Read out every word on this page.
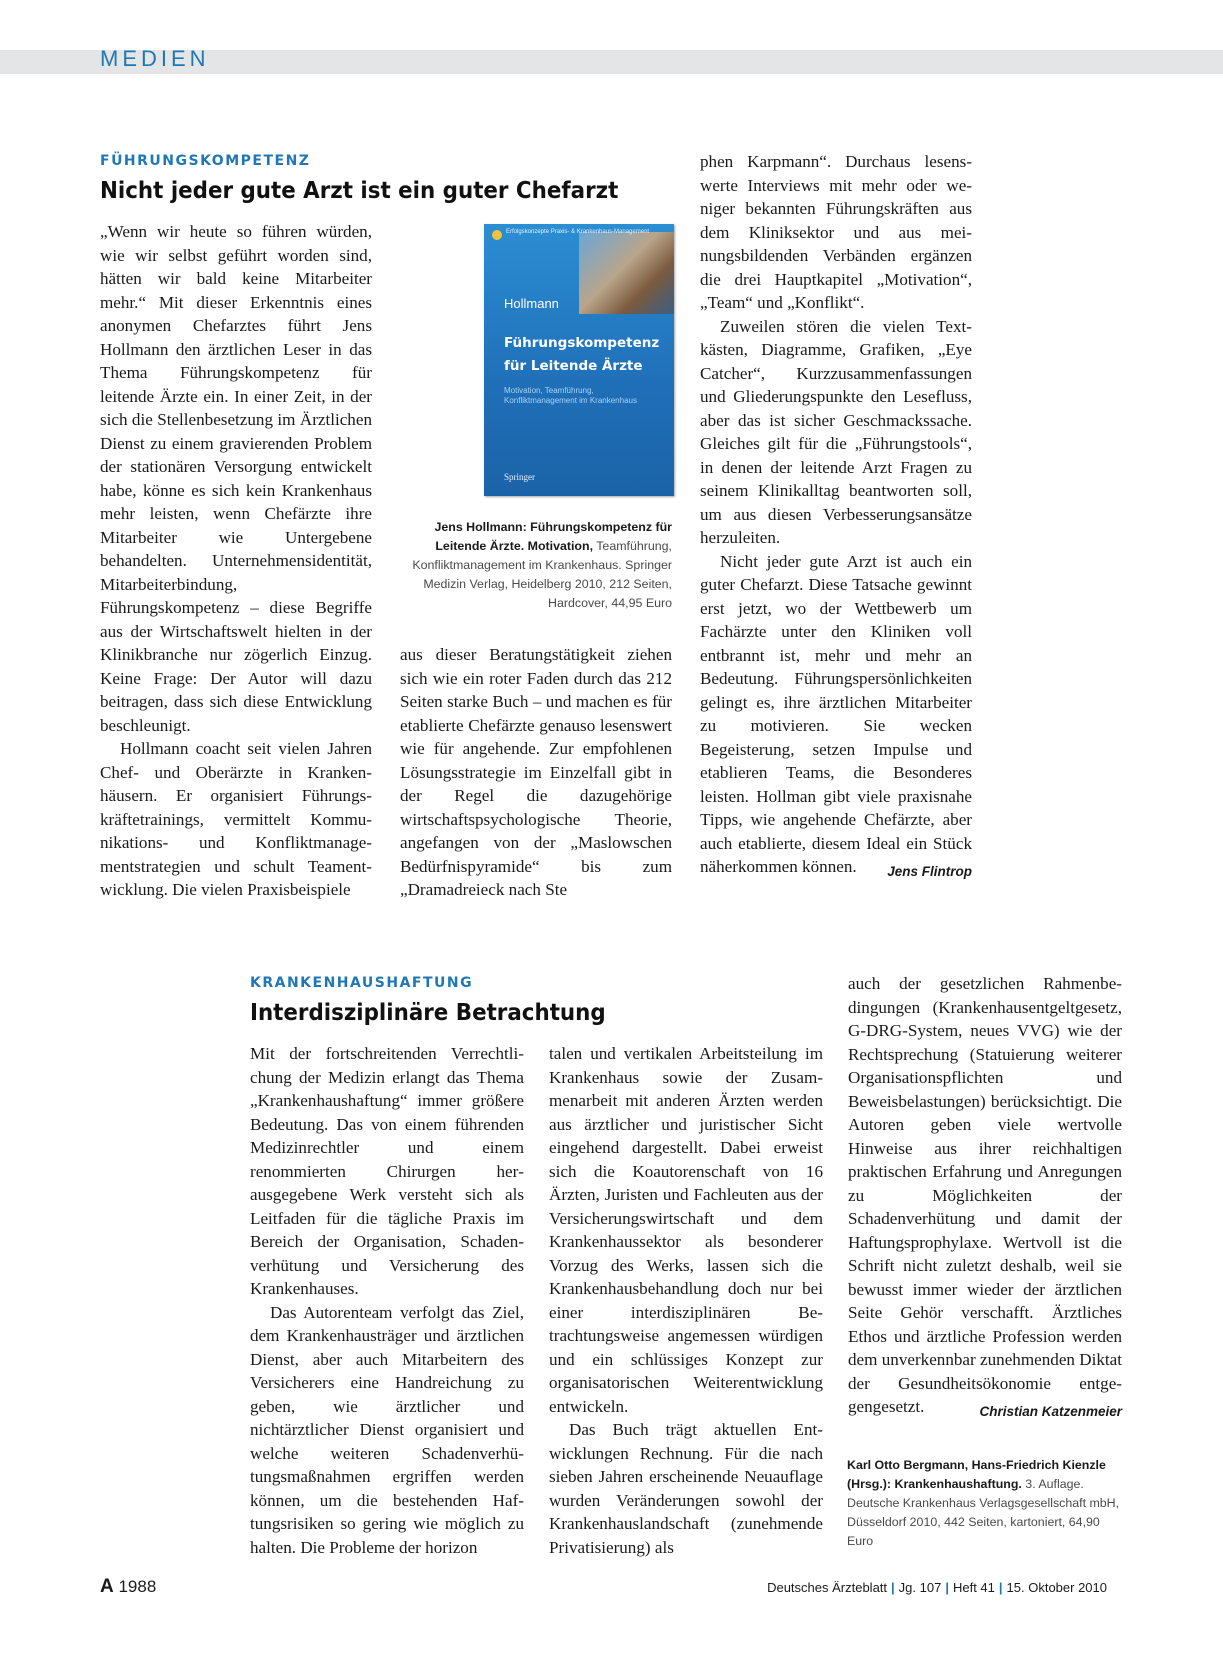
MEDIEN
FÜHRUNGSKOMPETENZ
Nicht jeder gute Arzt ist ein guter Chefarzt

„Wenn wir heute so führen würden, wie wir selbst geführt worden sind, hätten wir bald keine Mitarbeiter mehr.“ Mit dieser Erkenntnis eines anonymen Chefarztes führt Jens Hollmann den ärztlichen Leser in das Thema Führungskompetenz für leitende Ärzte ein. In einer Zeit, in der sich die Stellenbesetzung im Ärztlichen Dienst zu einem gravierenden Problem der stationären Versorgung entwickelt habe, könne es sich kein Krankenhaus mehr leisten, wenn Chefärzte ihre Mitarbeiter wie Untergebene behandelten. Unternehmensidentität, Mitarbeiterbindung, Führungskompetenz – diese Begriffe aus der Wirtschaftswelt hielten in der Klinikbranche nur zögerlich Einzug. Keine Frage: Der Autor will dazu beitragen, dass sich diese Entwicklung beschleunigt.

Hollmann coacht seit vielen Jahren Chef- und Oberärzte in Krankenhäusern. Er organisiert Führungskräftetrainings, vermittelt Kommunikations- und Konfliktmanagementstrategien und schult Teamentwicklung. Die vielen Praxisbeispiele

Erfolgskonzepte Praxis- & Krankenhaus-Management
Hollmann
Führungskompetenz für Leitende Ärzte
Motivation, Teamführung, Konfliktmanagement im Krankenhaus
Springer
Jens Hollmann: Führungskompetenz für Leitende Ärzte. Motivation, Teamführung, Konfliktmanagement im Krankenhaus. Springer Medizin Verlag, Heidelberg 2010, 212 Seiten, Hardcover, 44,95 Euro

aus dieser Beratungstätigkeit ziehen sich wie ein roter Faden durch das 212 Seiten starke Buch – und machen es für etablierte Chefärzte genauso lesenswert wie für angehende. Zur empfohlenen Lösungsstrategie im Einzelfall gibt in der Regel die dazugehörige wirtschaftspsychologische Theorie, angefangen von der „Maslowschen Bedürfnispyramide“ bis zum „Dramadreieck nach Ste

phen Karpmann“. Durchaus lesenswerte Interviews mit mehr oder weniger bekannten Führungskräften aus dem Kliniksektor und aus meinungsbildenden Verbänden ergänzen die drei Hauptkapitel „Motivation“, „Team“ und „Konflikt“.

Zuweilen stören die vielen Textkästen, Diagramme, Grafiken, „Eye Catcher“, Kurzzusammenfassungen und Gliederungspunkte den Lesefluss, aber das ist sicher Geschmackssache. Gleiches gilt für die „Führungstools“, in denen der leitende Arzt Fragen zu seinem Klinikalltag beantworten soll, um aus diesen Verbesserungsansätze herzuleiten.

Nicht jeder gute Arzt ist auch ein guter Chefarzt. Diese Tatsache gewinnt erst jetzt, wo der Wettbewerb um Fachärzte unter den Kliniken voll entbrannt ist, mehr und mehr an Bedeutung. Führungspersönlichkeiten gelingt es, ihre ärztlichen Mitarbeiter zu motivieren. Sie wecken Begeisterung, setzen Impulse und etablieren Teams, die Besonderes leisten. Hollman gibt viele praxisnahe Tipps, wie angehende Chefärzte, aber auch etablierte, diesem Ideal ein Stück näherkommen können.	Jens Flintrop

KRANKENHAUSHAFTUNG
Interdisziplinäre Betrachtung

Mit der fortschreitenden Verrechtlichung der Medizin erlangt das Thema „Krankenhaushaftung“ immer größere Bedeutung. Das von einem führenden Medizinrechtler und einem renommierten Chirurgen herausgegebene Werk versteht sich als Leitfaden für die tägliche Praxis im Bereich der Organisation, Schadenverhütung und Versicherung des Krankenhauses.

Das Autorenteam verfolgt das Ziel, dem Krankenhausträger und ärztlichen Dienst, aber auch Mitarbeitern des Versicherers eine Handreichung zu geben, wie ärztlicher und nichtärztlicher Dienst organisiert und welche weiteren Schadenverhütungsmaßnahmen ergriffen werden können, um die bestehenden Haftungsrisiken so gering wie möglich zu halten. Die Probleme der horizon

talen und vertikalen Arbeitsteilung im Krankenhaus sowie der Zusammenarbeit mit anderen Ärzten werden aus ärztlicher und juristischer Sicht eingehend dargestellt. Dabei erweist sich die Koautorenschaft von 16 Ärzten, Juristen und Fachleuten aus der Versicherungswirtschaft und dem Krankenhaussektor als besonderer Vorzug des Werks, lassen sich die Krankenhausbehandlung doch nur bei einer interdisziplinären Betrachtungsweise angemessen würdigen und ein schlüssiges Konzept zur organisatorischen Weiterentwicklung entwickeln.

Das Buch trägt aktuellen Entwicklungen Rechnung. Für die nach sieben Jahren erscheinende Neuauflage wurden Veränderungen sowohl der Krankenhauslandschaft (zunehmende Privatisierung) als

auch der gesetzlichen Rahmenbedingungen (Krankenhausentgeltgesetz, G-DRG-System, neues VVG) wie der Rechtsprechung (Statuierung weiterer Organisationspflichten und Beweisbelastungen) berücksichtigt. Die Autoren geben viele wertvolle Hinweise aus ihrer reichhaltigen praktischen Erfahrung und Anregungen zu Möglichkeiten der Schadenverhütung und damit der Haftungsprophylaxe. Wertvoll ist die Schrift nicht zuletzt deshalb, weil sie bewusst immer wieder der ärztlichen Seite Gehör verschafft. Ärztliches Ethos und ärztliche Profession werden dem unverkennbar zunehmenden Diktat der Gesundheitsökonomie entgegengesetzt.	Christian Katzenmeier

Karl Otto Bergmann, Hans-Friedrich Kienzle (Hrsg.): Krankenhaushaftung. 3. Auflage. Deutsche Krankenhaus Verlagsgesellschaft mbH, Düsseldorf 2010, 442 Seiten, kartoniert, 64,90 Euro
A 1988	Deutsches Ärzteblatt | Jg. 107 | Heft 41 | 15. Oktober 2010
